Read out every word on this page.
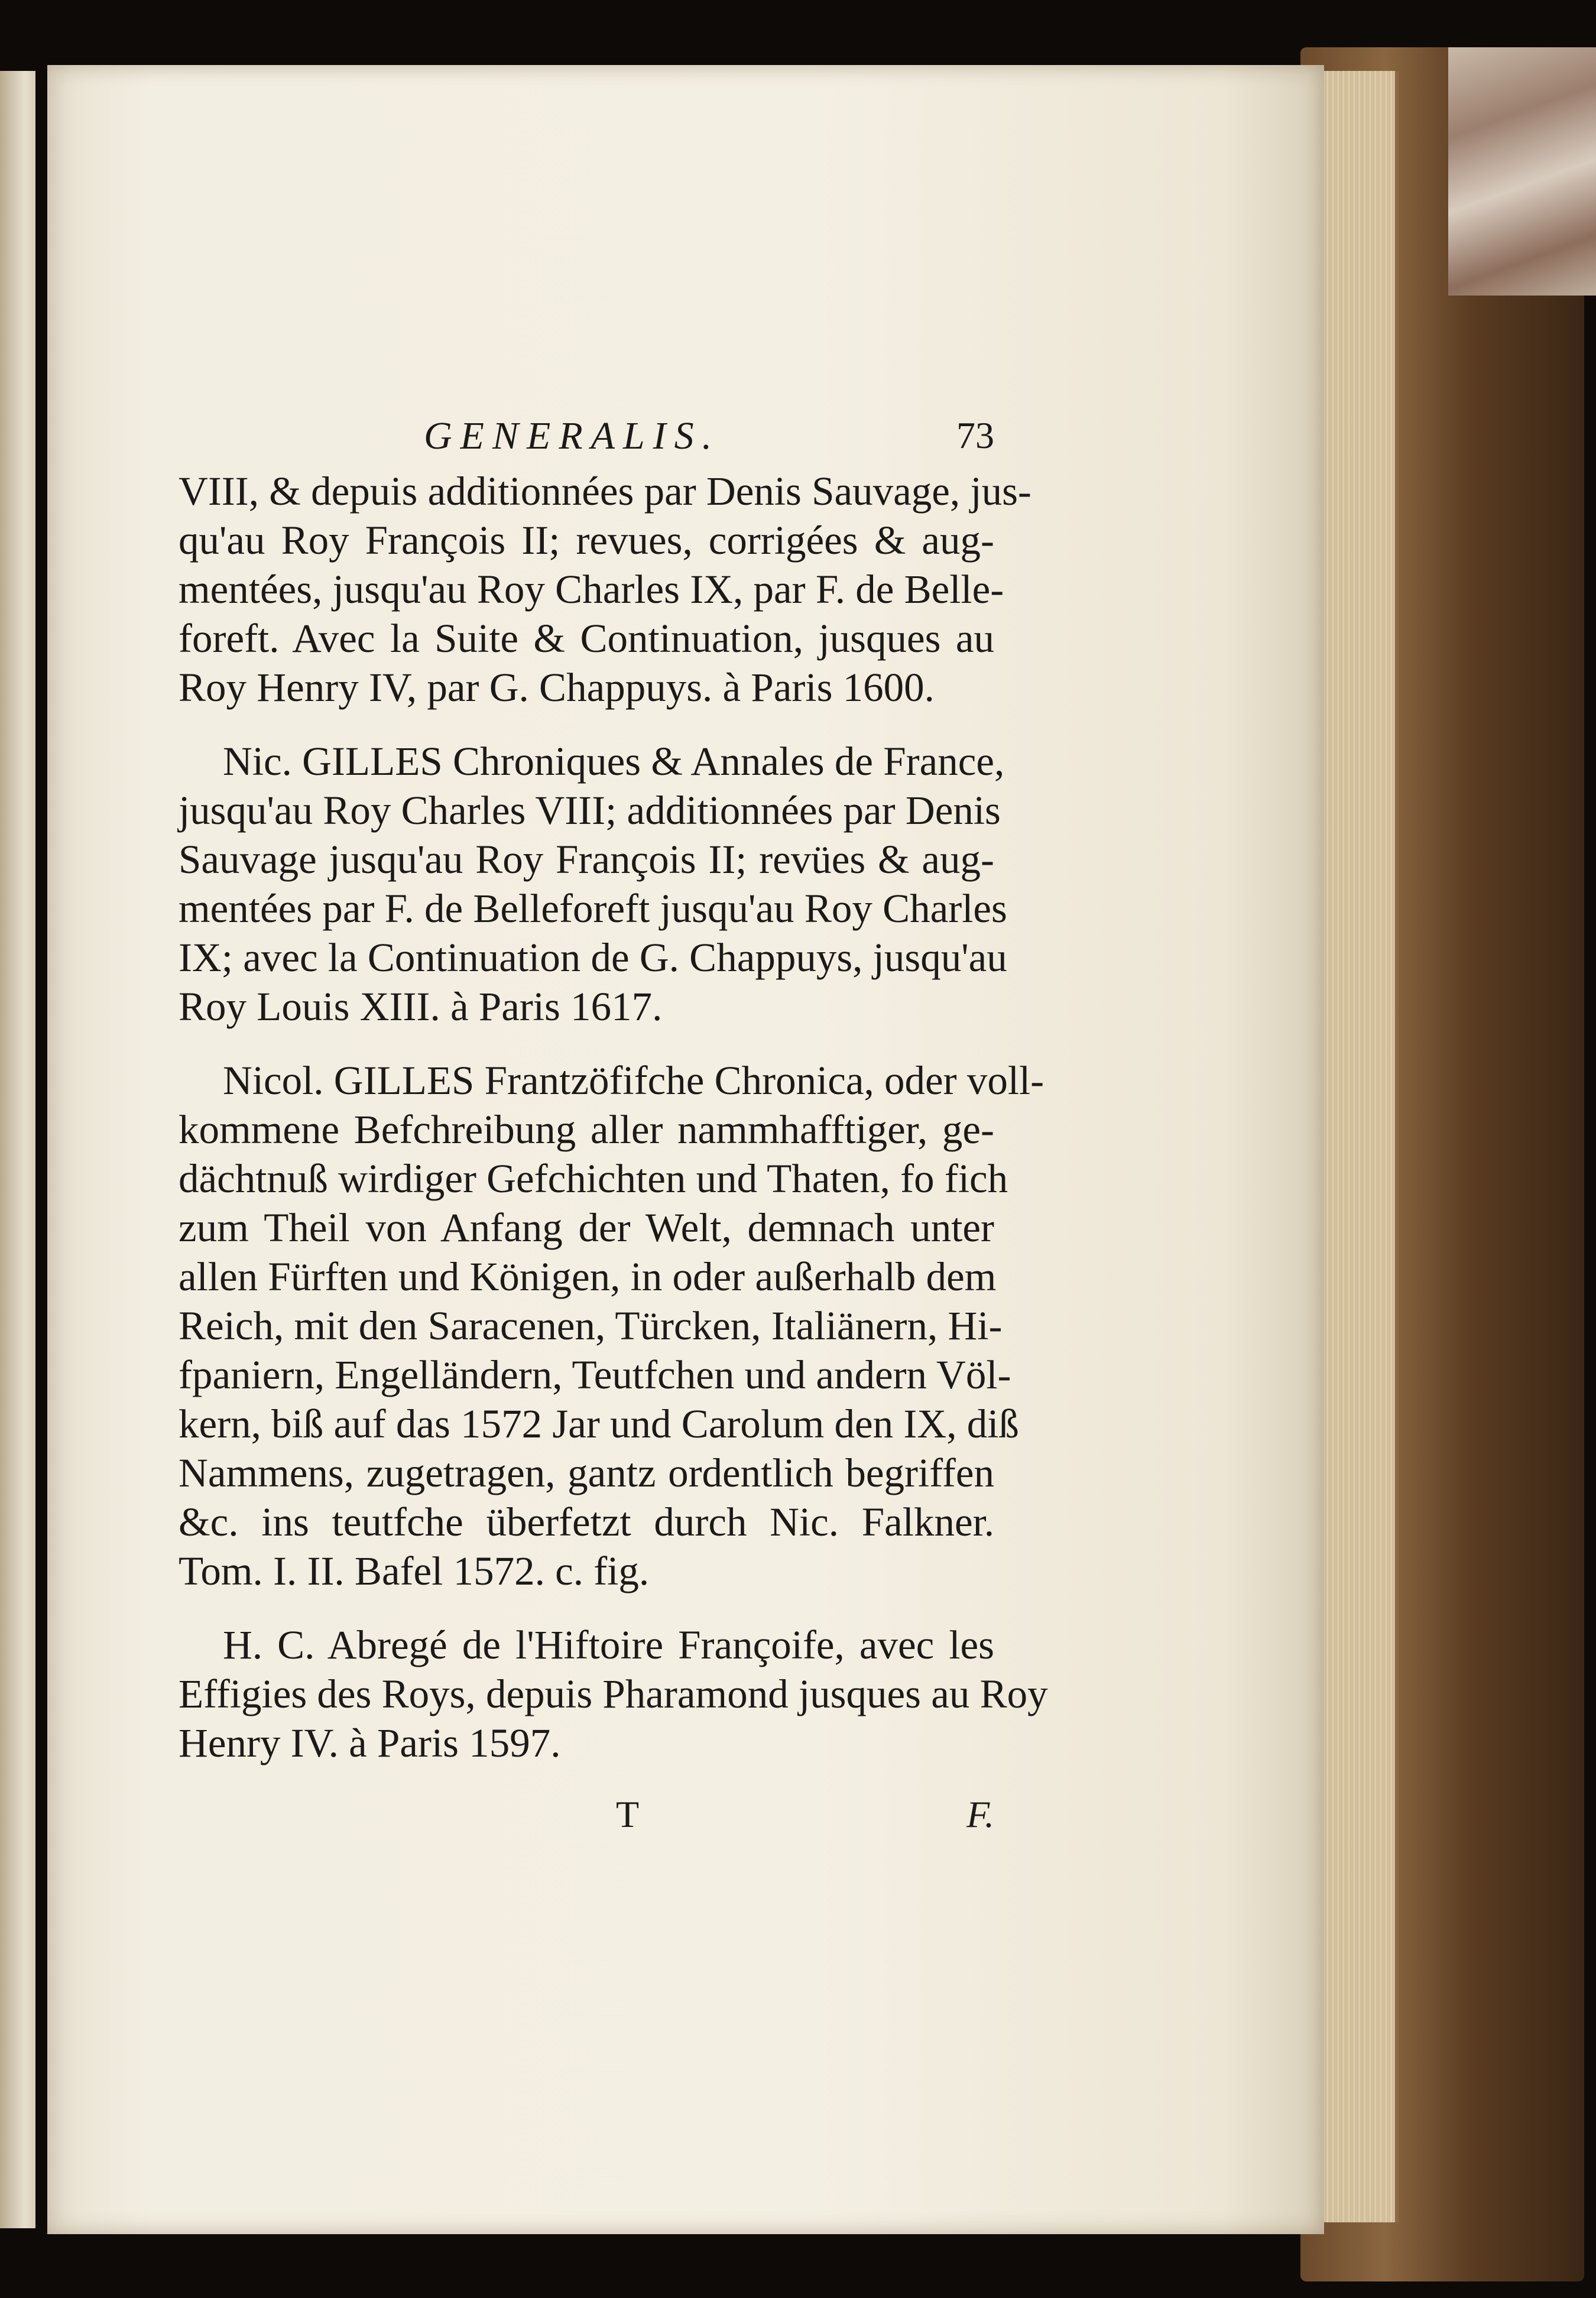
GENERALIS.	73
VIII, & depuis additionnées par Denis Sauvage, jus-
qu'au Roy François II; revues, corrigées & aug-
mentées, jusqu'au Roy Charles IX, par F. de Belle-
foreft. Avec la Suite & Continuation, jusques au
Roy Henry IV, par G. Chappuys. à Paris 1600.
Nic. GILLES Chroniques & Annales de France,
jusqu'au Roy Charles VIII; additionnées par Denis
Sauvage jusqu'au Roy François II; revües & aug-
mentées par F. de Belleforeft jusqu'au Roy Charles
IX; avec la Continuation de G. Chappuys, jusqu'au
Roy Louis XIII. à Paris 1617.
Nicol. GILLES Frantzöfifche Chronica, oder voll-
kommene Befchreibung aller nammhafftiger, ge-
dächtnuß wirdiger Gefchichten und Thaten, fo fich
zum Theil von Anfang der Welt, demnach unter
allen Fürften und Königen, in oder außerhalb dem
Reich, mit den Saracenen, Türcken, Italiänern, Hi-
fpaniern, Engelländern, Teutfchen und andern Völ-
kern, biß auf das 1572 Jar und Carolum den IX, diß
Nammens, zugetragen, gantz ordentlich begriffen
&c. ins teutfche überfetzt durch Nic. Falkner.
Tom. I. II. Bafel 1572. c. fig.
H. C. Abregé de l'Hiftoire Françoife, avec les
Effigies des Roys, depuis Pharamond jusques au Roy
Henry IV. à Paris 1597.
T	F.
